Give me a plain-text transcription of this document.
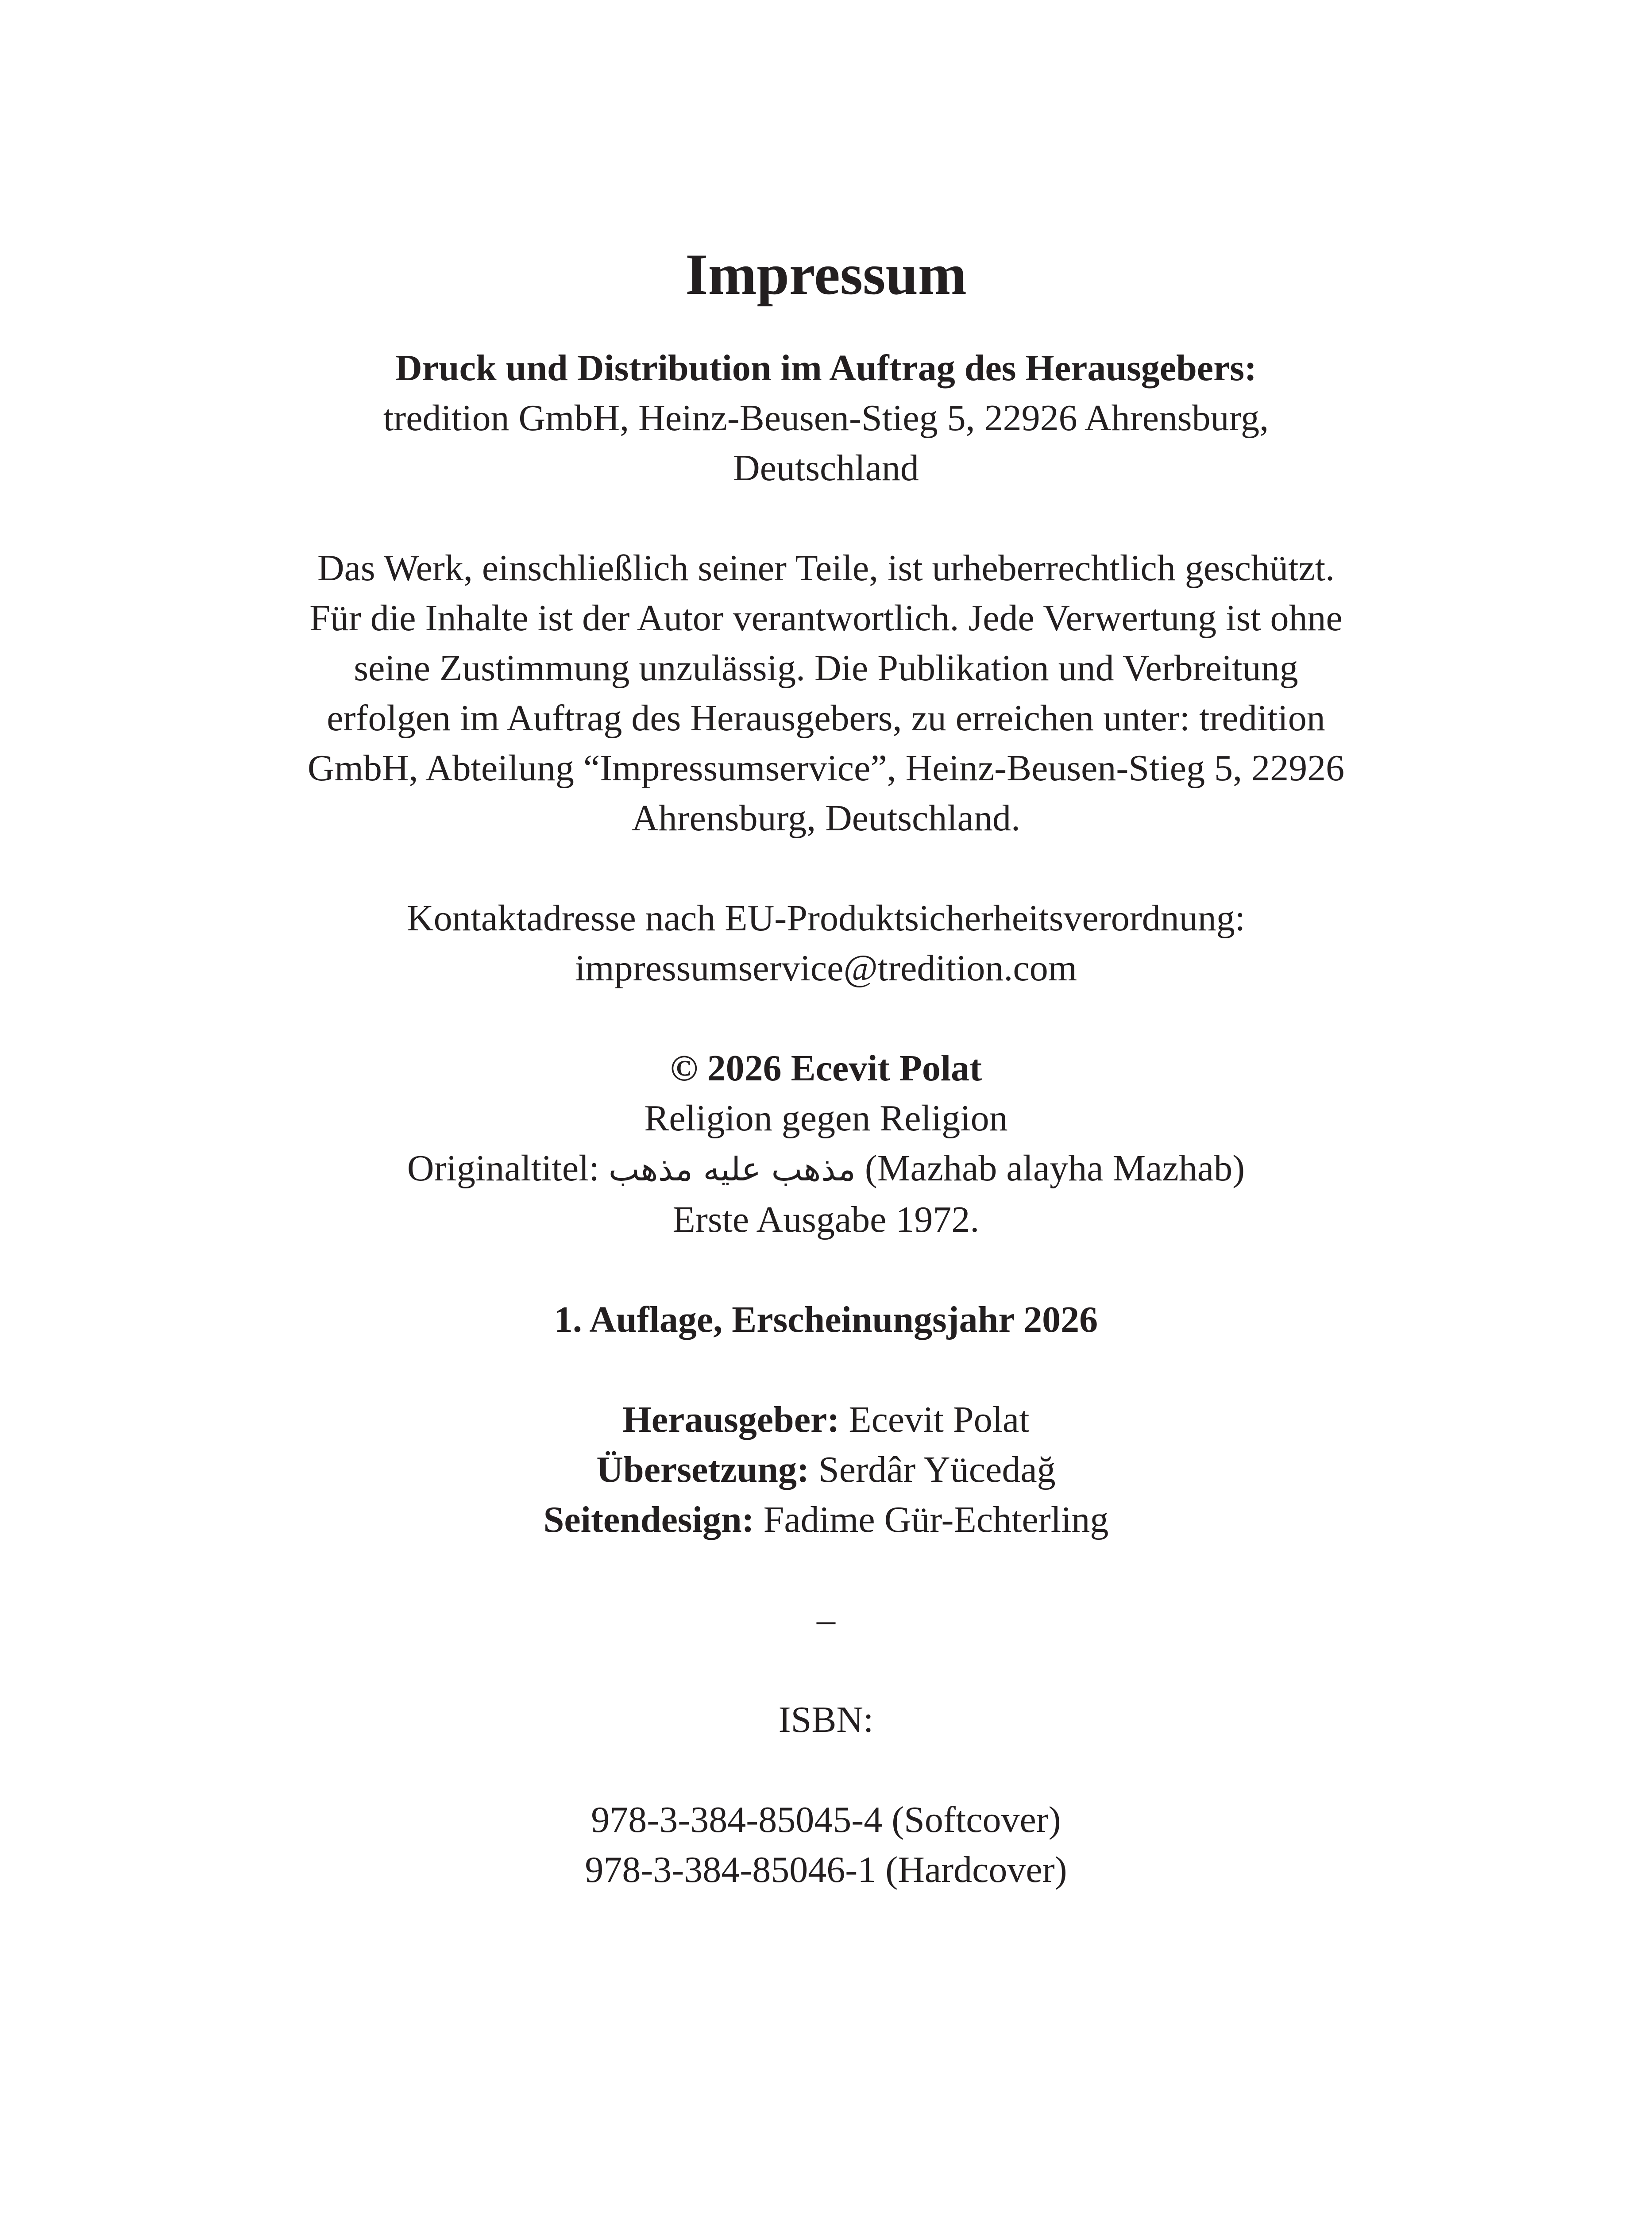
Impressum
Druck und Distribution im Auftrag des Herausgebers:
tredition GmbH, Heinz-Beusen-Stieg 5, 22926 Ahrensburg,
Deutschland
Das Werk, einschließlich seiner Teile, ist urheberrechtlich geschützt.
Für die Inhalte ist der Autor verantwortlich. Jede Verwertung ist ohne
seine Zustimmung unzulässig. Die Publikation und Verbreitung
erfolgen im Auftrag des Herausgebers, zu erreichen unter: tredition
GmbH, Abteilung “Impressumservice”, Heinz-Beusen-Stieg 5, 22926
Ahrensburg, Deutschland.
Kontaktadresse nach EU-Produktsicherheitsverordnung:
impressumservice@tredition.com
© 2026 Ecevit Polat
Religion gegen Religion
Originaltitel: مذهب عليه مذهب (Mazhab alayha Mazhab)
Erste Ausgabe 1972.
1. Auflage, Erscheinungsjahr 2026
Herausgeber: Ecevit Polat
Übersetzung: Serdâr Yücedağ
Seitendesign: Fadime Gür-Echterling
–
ISBN:
978-3-384-85045-4 (Softcover)
978-3-384-85046-1 (Hardcover)
